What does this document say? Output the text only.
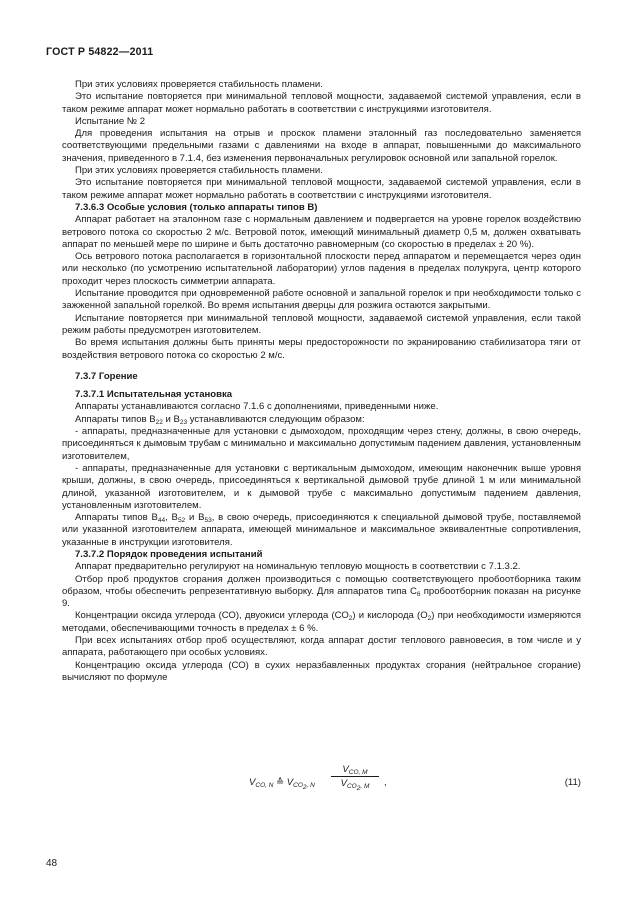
ГОСТ Р 54822—2011

При этих условиях проверяется стабильность пламени.

Это испытание повторяется при минимальной тепловой мощности, задаваемой системой управления, если в таком режиме аппарат может нормально работать в соответствии с инструкциями изготовителя.

Испытание № 2

Для проведения испытания на отрыв и проскок пламени эталонный газ последовательно заменяется соответствующими предельными газами с давлениями на входе в аппарат, повышенными до максимального значения, приведенного в 7.1.4, без изменения первоначальных регулировок основной или запальной горелок.

При этих условиях проверяется стабильность пламени.

Это испытание повторяется при минимальной тепловой мощности, задаваемой системой управления, если в таком режиме аппарат может нормально работать в соответствии с инструкциями изготовителя.

7.3.6.3 Особые условия (только аппараты типов В)

Аппарат работает на эталонном газе с нормальным давлением и подвергается на уровне горелок воздействию ветрового потока со скоростью 2 м/с. Ветровой поток, имеющий минимальный диаметр 0,5 м, должен охватывать аппарат по меньшей мере по ширине и быть достаточно равномерным (со скоростью в пределах ± 20 %).

Ось ветрового потока располагается в горизонтальной плоскости перед аппаратом и перемещается через один или несколько (по усмотрению испытательной лаборатории) углов падения в пределах полукруга, центр которого проходит через плоскость симметрии аппарата.

Испытание проводится при одновременной работе основной и запальной горелок и при необходимости только с зажженной запальной горелкой. Во время испытания дверцы для розжига остаются закрытыми.

Испытание повторяется при минимальной тепловой мощности, задаваемой системой управления, если такой режим работы предусмотрен изготовителем.

Во время испытания должны быть приняты меры предосторожности по экранированию стабилизатора тяги от воздействия ветрового потока со скоростью 2 м/с.

7.3.7 Горение

7.3.7.1 Испытательная установка

Аппараты устанавливаются согласно 7.1.6 с дополнениями, приведенными ниже.

Аппараты типов $В_{22}$ и $В_{23}$ устанавливаются следующим образом:

- аппараты, предназначенные для установки с дымоходом, проходящим через стену, должны, в свою очередь, присоединяться к дымовым трубам с минимально и максимально допустимым падением давления, установленным изготовителем,

- аппараты, предназначенные для установки с вертикальным дымоходом, имеющим наконечник выше уровня крыши, должны, в свою очередь, присоединяться к вертикальной дымовой трубе длиной 1 м или минимальной длиной, указанной изготовителем, и к дымовой трубе с максимально допустимым падением давления, установленным изготовителем.

Аппараты типов $В_{44}$, $В_{52}$ и $В_{53}$, в свою очередь, присоединяются к специальной дымовой трубе, поставляемой или указанной изготовителем аппарата, имеющей минимальное и максимальное эквивалентные сопротивления, указанные в инструкции изготовителя.

7.3.7.2 Порядок проведения испытаний

Аппарат предварительно регулируют на номинальную тепловую мощность в соответствии с 7.1.3.2.

Отбор проб продуктов сгорания должен производиться с помощью соответствующего пробоотборника таким образом, чтобы обеспечить репрезентативную выборку. Для аппаратов типа $С_6$ пробоотборник показан на рисунке 9.

Концентрации оксида углерода (СО), двуокиси углерода $(СО_2)$ и кислорода $(О_2)$ при необходимости измеряются методами, обеспечивающими точность в пределах ± 6 %.

При всех испытаниях отбор проб осуществляют, когда аппарат достиг теплового равновесия, в том числе и у аппарата, работающего при особых условиях.

Концентрацию оксида углерода (СО) в сухих неразбавленных продуктах сгорания (нейтральное сгорание) вычисляют по формуле

$V_{CO, N}$ ≙ $V_{CO_2, N}$
$V_{CO, M}$
$V_{CO_2, M}$	,	(11)
48
